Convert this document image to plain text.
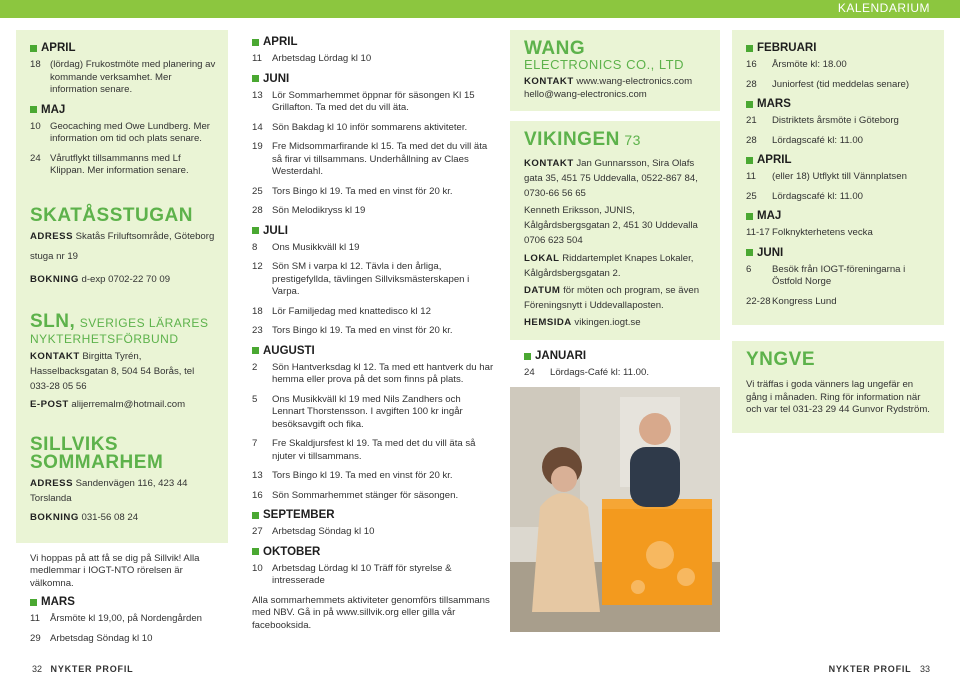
KALENDARIUM
APRIL
18 (lördag) Frukostmöte med planering av kommande verksamhet. Mer information senare.
MAJ
10 Geocaching med Owe Lundberg. Mer information om tid och plats senare.
24 Vårutflykt tillsammanns med Lf Klippan. Mer information senare.
SKATÅSSTUGAN
ADRESS Skatås Friluftsområde, Göteborg
stuga nr 19
BOKNING d-exp 0702-22 70 09
SLN, SVERIGES LÄRARES
NYKTERHETSFÖRBUND
KONTAKT Birgitta Tyrén, Hasselbacksgatan 8, 504 54 Borås, tel 033-28 05 56
E-POST alijerremalm@hotmail.com
SILLVIKS
SOMMARHEM
ADRESS Sandenvägen 116, 423 44 Torslanda
BOKNING 031-56 08 24
Vi hoppas på att få se dig på Sillvik! Alla medlemmar i IOGT-NTO rörelsen är välkomna.
MARS
11	Årsmöte kl 19,00, på Nordengården
29 Arbetsdag Söndag kl 10
APRIL
11	Arbetsdag Lördag kl 10
JUNI
13 Lör Sommarhemmet öppnar för säsongen Kl 15 Grillafton. Ta med det du vill äta.
14 Sön Bakdag kl 10 inför sommarens aktiviteter.
19 Fre Midsommarfirande kl 15. Ta med det du vill äta så firar vi tillsammans. Underhållning av Claes Westerdahl.
25 Tors Bingo kl 19. Ta med en vinst för 20 kr.
28 Sön Melodikryss kl 19
JULI
8	Ons Musikkväll kl 19
12 Sön SM i varpa kl 12. Tävla i den årliga, prestigefyllda, tävlingen Sillviksmästerskapen i Varpa.
18 Lör Familjedag med knattedisco kl 12
23 Tors Bingo kl 19. Ta med en vinst för 20 kr.
AUGUSTI
2	Sön Hantverksdag kl 12. Ta med ett hantverk du har hemma eller prova på det som finns på plats.
5	Ons Musikkväll kl 19 med Nils Zandhers och Lennart Thorstensson. I avgiften 100 kr ingår besöksavgift och fika.
7	Fre Skaldjursfest kl 19. Ta med det du vill äta så njuter vi tillsammans.
13 Tors Bingo kl 19. Ta med en vinst för 20 kr.
16 Sön Sommarhemmet stänger för säsongen.
SEPTEMBER
27 Arbetsdag Söndag kl 10
OKTOBER
10 Arbetsdag Lördag kl 10 Träff för styrelse & intresserade
Alla sommarhemmets aktiviteter genomförs tillsammans med NBV. Gå in på www.sillvik.org eller gilla vår facebooksida.
WANG
ELECTRONICS CO., LTD
KONTAKT www.wang-electronics.com
hello@wang-electronics.com
VIKINGEN 73
KONTAKT Jan Gunnarsson, Sira Olafs gata 35, 451 75 Uddevalla, 0522-867 84, 0730-66 56 65
Kenneth Eriksson, JUNIS, Kålgårdsbergsgatan 2, 451 30 Uddevalla 0706 623 504
LOKAL Riddartemplet Knapes Lokaler, Kålgårdsbergsgatan 2.
DATUM för möten och program, se även Föreningsnytt i Uddevallaposten.
HEMSIDA vikingen.iogt.se
JANUARI
24	Lördags-Café kl: 11.00.
FEBRUARI
16	Årsmöte kl: 18.00
28	Juniorfest (tid meddelas senare)
MARS
21	Distriktets årsmöte i Göteborg
28	Lördagscafé kl: 11.00
APRIL
11	(eller 18) Utflykt till Vännplatsen
25	Lördagscafé kl: 11.00
MAJ
11-17 Folknykterhetens vecka
JUNI
6	Besök från IOGT-föreningarna i Östfold Norge
22-28 Kongress Lund
YNGVE
Vi träffas i goda vänners lag ungefär en gång i månaden. Ring för information när och var tel 031-23 29 44 Gunvor Rydström.
32 NYKTER PROFIL	NYKTER PROFIL 33
